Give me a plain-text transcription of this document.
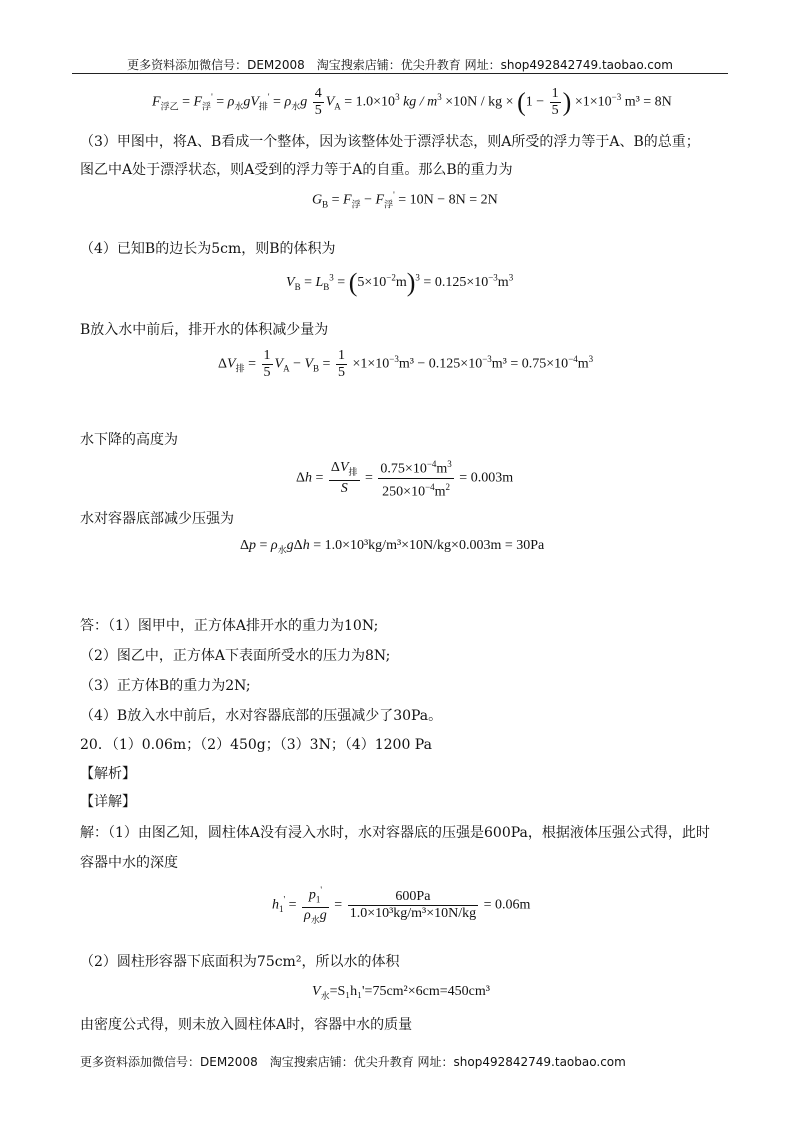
更多资料添加微信号：DEM2008　淘宝搜索店铺：优尖升教育 网址：shop492842749.taobao.com
$F_{浮乙} = F_浮' = \rho_水gV_排' = \rho_水g \frac{4}{5} V_A = 1.0\times 10^3$ kg / $m^3 \times 10N$ / kg × ($1 - \frac{1}{5}$ ) $\times 1\times 10^{-3}$ m³ = 8N
（3）甲图中，将A、B看成一个整体，因为该整体处于漂浮状态，则A所受的浮力等于A、B的总重；
图乙中A处于漂浮状态，则A受到的浮力等于A的自重。那么B的重力为
$G_B = F_浮 - F_浮' = 10N - 8N = 2N$
（4）已知B的边长为5cm，则B的体积为
$V_B = L_B^3 = (5\times 10^{-2}m)^3 = 0.125\times 10^{-3}m^3$
B放入水中前后，排开水的体积减少量为
$\Delta V_排 = \frac{1}{5} V_A - V_B = \frac{1}{5} \times 1\times 10^{-3}m^3 - 0.125\times 10^{-3}m^3 = 0.75\times 10^{-4}m^3$
水下降的高度为
$\Delta h = \frac{\Delta V_排}{S} = \frac{0.75\times 10^{-4}m^3}{250\times 10^{-4}m^2} = 0.003m$
水对容器底部减少压强为
$\Delta p = \rho_水g\Delta h = 1.0\times 10^3kg/m^3\times 10N/kg\times 0.003m = 30Pa$
答：（1）图甲中，正方体A排开水的重力为10N;
（2）图乙中，正方体A下表面所受水的压力为8N;
（3）正方体B的重力为2N;
（4）B放入水中前后，水对容器底部的压强减少了30Pa。
20．（1）0.06m；（2）450g；（3）3N；（4）1200 Pa
【解析】
【详解】
解：（1）由图乙知，圆柱体A没有浸入水时，水对容器底的压强是600Pa，根据液体压强公式得，此时
容器中水的深度
$h_1' = \frac{p_1'}{\rho_水g} = \frac{600Pa}{\text{1.0×10³kg/m³×10N/kg}} = 0.06m$
（2）圆柱形容器下底面积为75cm²，所以水的体积
$V_水=S_1h_1'=75cm^2\times 6cm=450cm^3$
由密度公式得，则未放入圆柱体A时，容器中水的质量
更多资料添加微信号：DEM2008　淘宝搜索店铺：优尖升教育 网址：shop492842749.taobao.com
